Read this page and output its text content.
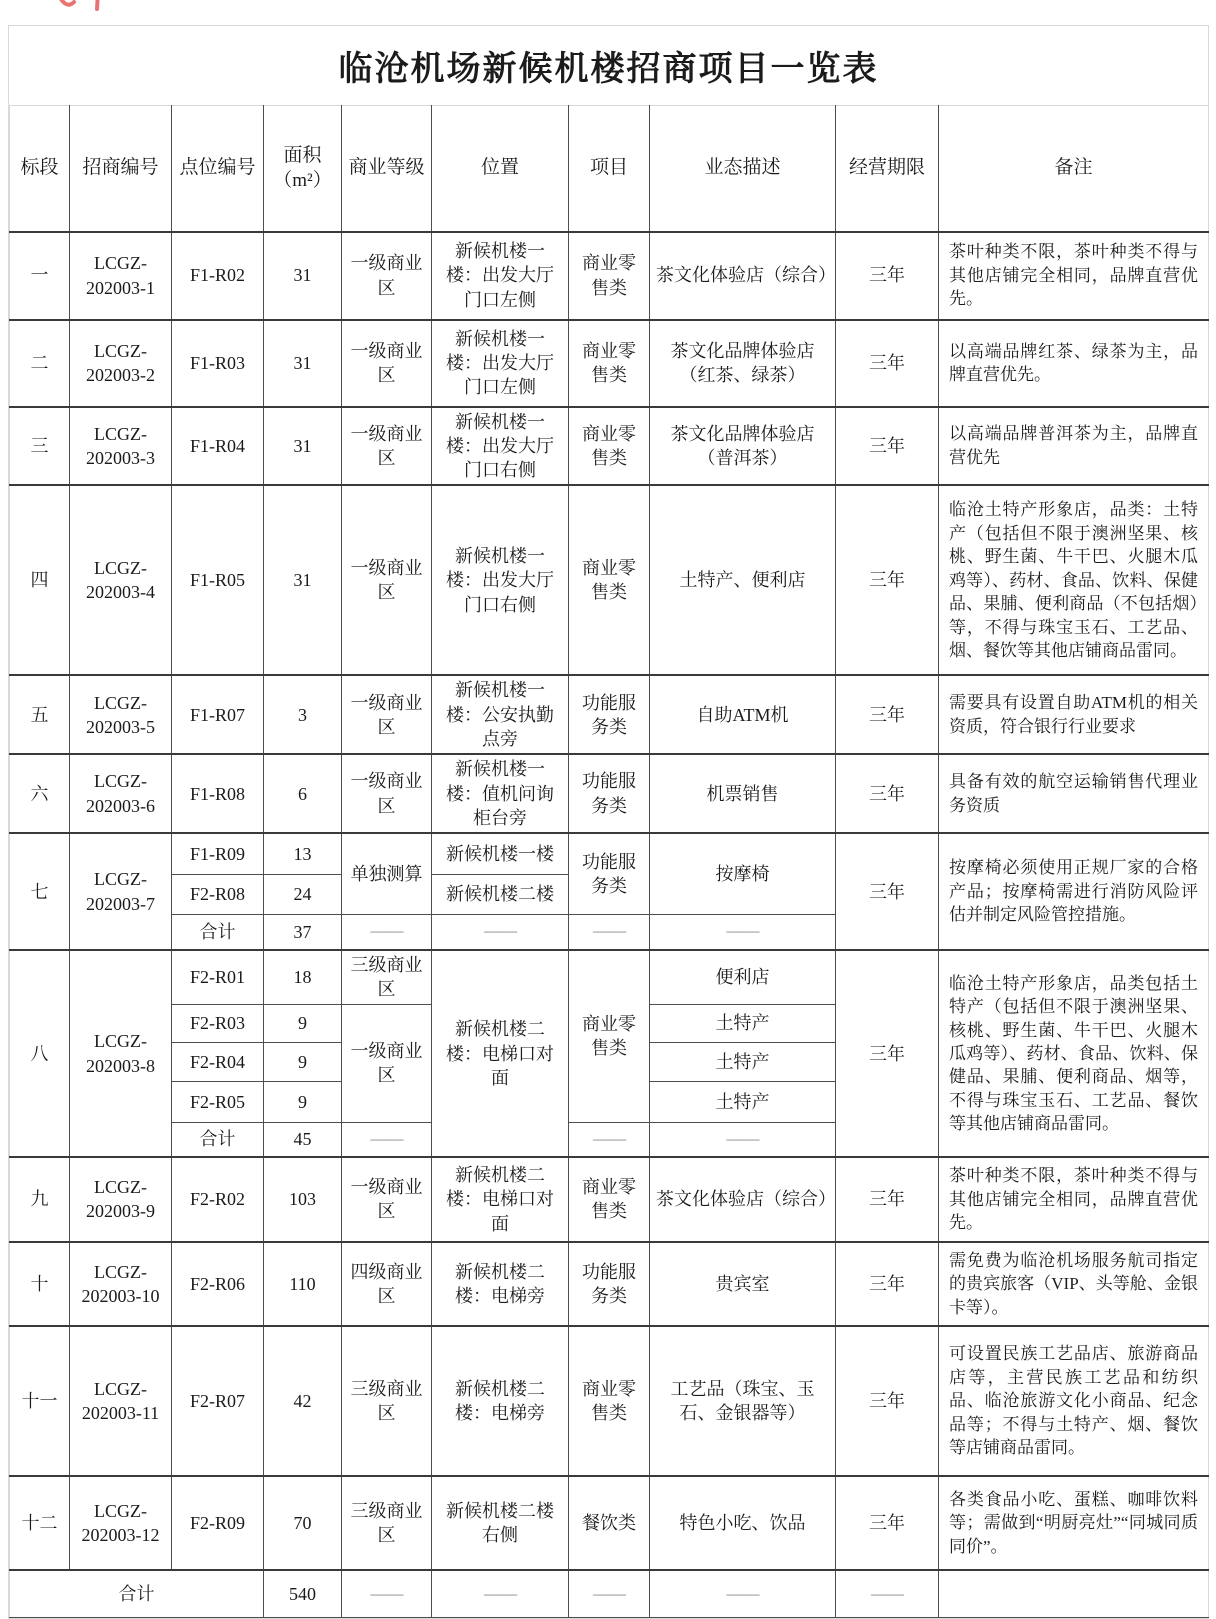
临沧机场新候机楼招商项目一览表
标段	招商编号	点位编号	面积（m²）	商业等级	位置	项目	业态描述	经营期限	备注
一	LCGZ-202003-1	F1-R02	31	一级商业区	新候机楼一楼：出发大厅门口左侧	商业零售类	茶文化体验店（综合）	三年	茶叶种类不限，茶叶种类不得与其他店铺完全相同，品牌直营优先。
二	LCGZ-202003-2	F1-R03	31	一级商业区	新候机楼一楼：出发大厅门口左侧	商业零售类	茶文化品牌体验店（红茶、绿茶）	三年	以高端品牌红茶、绿茶为主，品牌直营优先。
三	LCGZ-202003-3	F1-R04	31	一级商业区	新候机楼一楼：出发大厅门口右侧	商业零售类	茶文化品牌体验店（普洱茶）	三年	以高端品牌普洱茶为主，品牌直营优先
四	LCGZ-202003-4	F1-R05	31	一级商业区	新候机楼一楼：出发大厅门口右侧	商业零售类	土特产、便利店	三年	临沧土特产形象店，品类：土特产（包括但不限于澳洲坚果、核桃、野生菌、牛干巴、火腿木瓜鸡等）、药材、食品、饮料、保健品、果脯、便利商品（不包括烟）等，不得与珠宝玉石、工艺品、烟、餐饮等其他店铺商品雷同。
五	LCGZ-202003-5	F1-R07	3	一级商业区	新候机楼一楼：公安执勤点旁	功能服务类	自助ATM机	三年	需要具有设置自助ATM机的相关资质，符合银行行业要求
六	LCGZ-202003-6	F1-R08	6	一级商业区	新候机楼一楼：值机问询柜台旁	功能服务类	机票销售	三年	具备有效的航空运输销售代理业务资质
七	LCGZ-202003-7	F1-R09	13	单独测算	新候机楼一楼	功能服务类	按摩椅	三年	按摩椅必须使用正规厂家的合格产品；按摩椅需进行消防风险评估并制定风险管控措施。
		F2-R08	24		新候机楼二楼				
		合计	37	——	——	——	——		
八	LCGZ-202003-8	F2-R01	18	三级商业区	新候机楼二楼：电梯口对面	商业零售类	便利店	三年	临沧土特产形象店，品类包括土特产（包括但不限于澳洲坚果、核桃、野生菌、牛干巴、火腿木瓜鸡等）、药材、食品、饮料、保健品、果脯、便利商品、烟等，不得与珠宝玉石、工艺品、餐饮等其他店铺商品雷同。
		F2-R03	9	一级商业区			土特产		
		F2-R04	9				土特产		
		F2-R05	9				土特产		
		合计	45	——		——	——		
九	LCGZ-202003-9	F2-R02	103	一级商业区	新候机楼二楼：电梯口对面	商业零售类	茶文化体验店（综合）	三年	茶叶种类不限，茶叶种类不得与其他店铺完全相同，品牌直营优先。
十	LCGZ-202003-10	F2-R06	110	四级商业区	新候机楼二楼：电梯旁	功能服务类	贵宾室	三年	需免费为临沧机场服务航司指定的贵宾旅客（VIP、头等舱、金银卡等）。
十一	LCGZ-202003-11	F2-R07	42	三级商业区	新候机楼二楼：电梯旁	商业零售类	工艺品（珠宝、玉石、金银器等）	三年	可设置民族工艺品店、旅游商品店等，主营民族工艺品和纺织品、临沧旅游文化小商品、纪念品等；不得与土特产、烟、餐饮等店铺商品雷同。
十二	LCGZ-202003-12	F2-R09	70	三级商业区	新候机楼二楼右侧	餐饮类	特色小吃、饮品	三年	各类食品小吃、蛋糕、咖啡饮料等；需做到“明厨亮灶”“同城同质同价”。
合计			540	——	——	——	——	——	
